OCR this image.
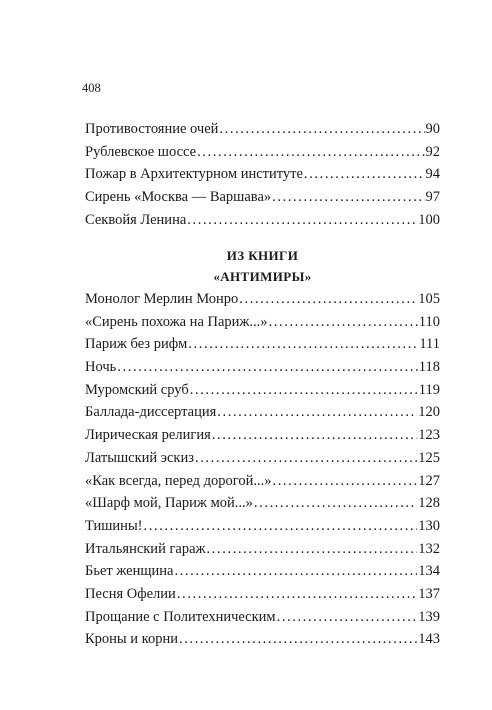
408
Противостояние очей .....	90
Рублевское шоссе .....	92
Пожар в Архитектурном институте .....	94
Сирень «Москва — Варшава» .....	97
Секвойя Ленина .....	100
ИЗ КНИГИ
«АНТИМИРЫ»
Монолог Мерлин Монро .....	105
«Сирень похожа на Париж...» .....	110
Париж без рифм .....	111
Ночь .....	118
Муромский сруб .....	119
Баллада-диссертация .....	120
Лирическая религия .....	123
Латышский эскиз .....	125
«Как всегда, перед дорогой...» .....	127
«Шарф мой, Париж мой...» .....	128
Тишины! .....	130
Итальянский гараж .....	132
Бьет женщина .....	134
Песня Офелии .....	137
Прощание с Политехническим .....	139
Кроны и корни .....	143
